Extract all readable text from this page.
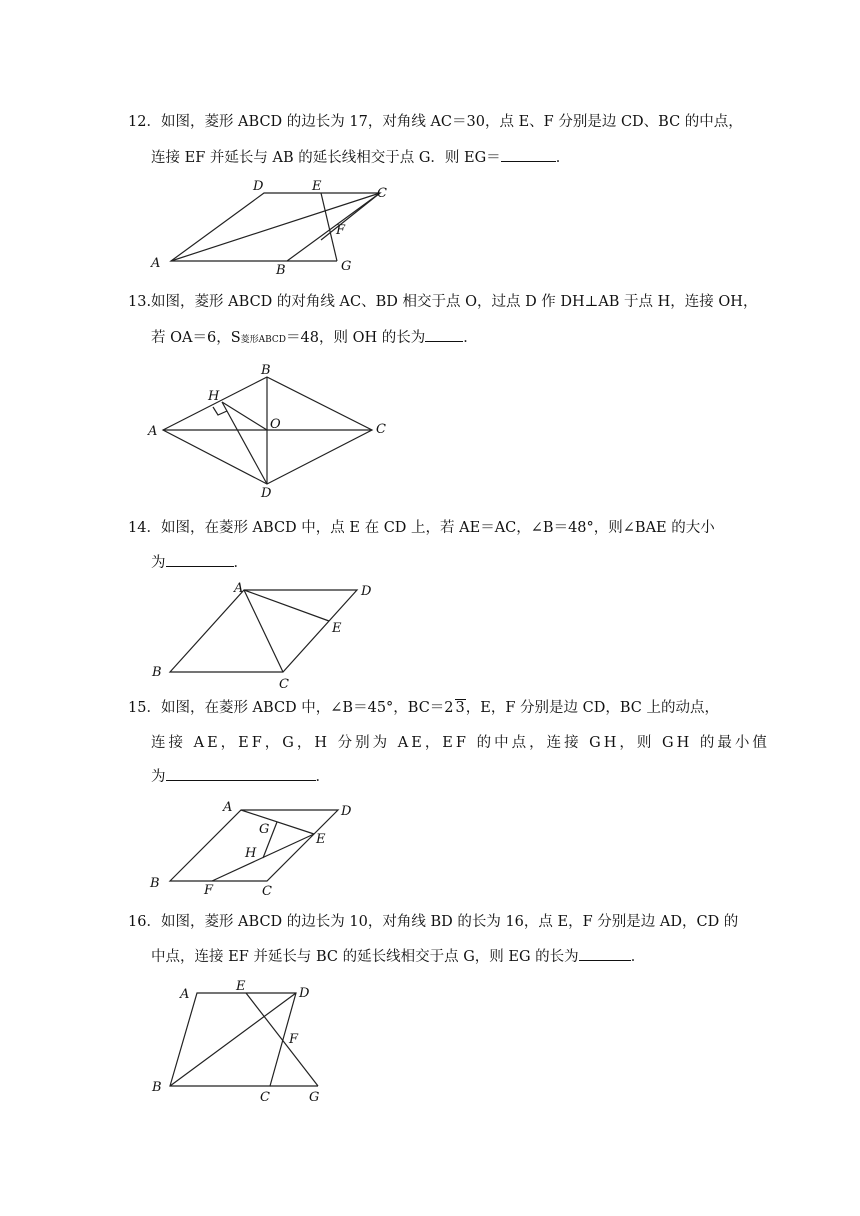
12．如图，菱形 ABCD 的边长为 17，对角线 AC＝30，点 E、F 分别是边 CD、BC 的中点，
连接 EF 并延长与 AB 的延长线相交于点 G．则 EG＝	．
D	E	C
F
A	B	G
13.如图，菱形 ABCD 的对角线 AC、BD 相交于点 O，过点 D 作 DH⊥AB 于点 H，连接 OH，
若 OA＝6，S菱形ABCD＝48，则 OH 的长为	．
B
H
A	O	C
D
14．如图，在菱形 ABCD 中，点 E 在 CD 上，若 AE＝AC，∠B＝48°，则∠BAE 的大小
为	．
A	D
E
B
C
15．如图，在菱形 ABCD 中，∠B＝45°，BC＝2 3，E，F 分别是边 CD，BC 上的动点，
连接 AE，EF，G，H 分别为 AE，EF 的中点，连接 GH，则 GH 的最小值
为	．
A	D
G
E
H
B	F	C
16．如图，菱形 ABCD 的边长为 10，对角线 BD 的长为 16，点 E，F 分别是边 AD，CD 的
中点，连接 EF 并延长与 BC 的延长线相交于点 G，则 EG 的长为	．
A
E	D
F
B
C	G
